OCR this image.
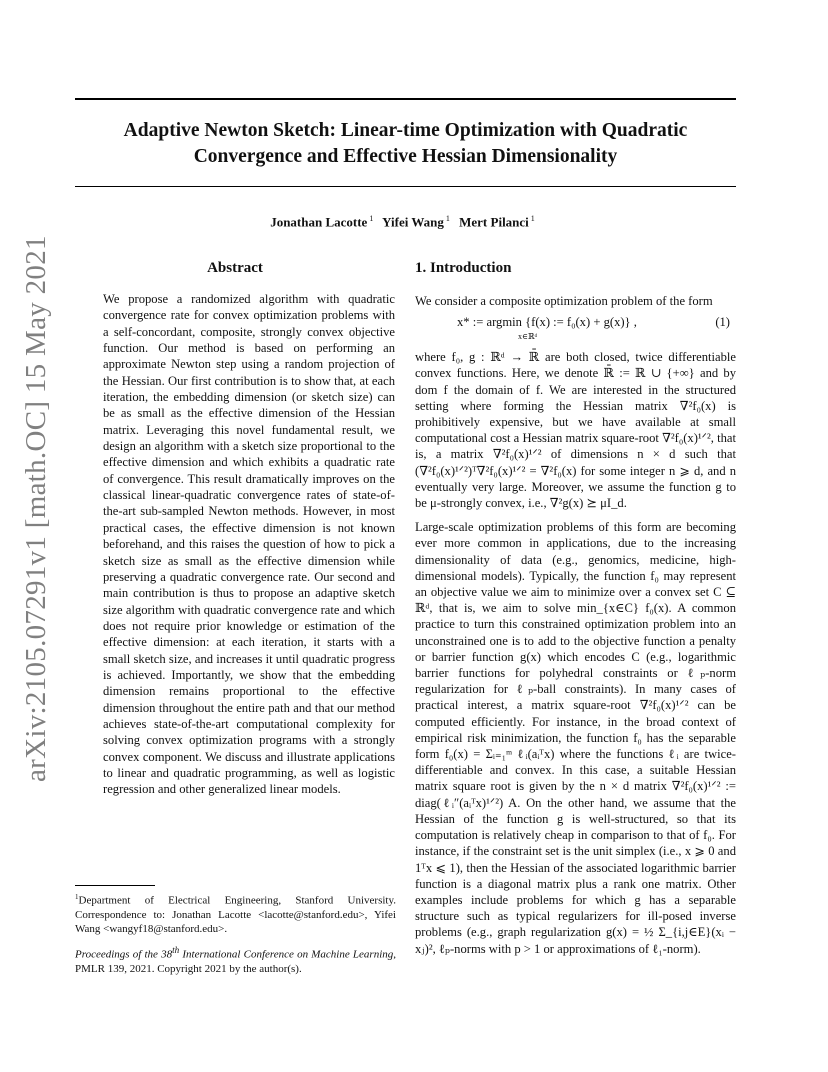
Adaptive Newton Sketch: Linear-time Optimization with Quadratic Convergence and Effective Hessian Dimensionality
Jonathan Lacotte $^1$ Yifei Wang $^1$ Mert Pilanci $^1$
arXiv:2105.07291v1 [math.OC] 15 May 2021	Abstract

We propose a randomized algorithm with quadratic convergence rate for convex optimization problems with a self-concordant, composite, strongly convex objective function. Our method is based on performing an approximate Newton step using a random projection of the Hessian. Our first contribution is to show that, at each iteration, the embedding dimension (or sketch size) can be as small as the effective dimension of the Hessian matrix. Leveraging this novel fundamental result, we design an algorithm with a sketch size proportional to the effective dimension and which exhibits a quadratic rate of convergence. This result dramatically improves on the classical linear-quadratic convergence rates of state-of-the-art sub-sampled Newton methods. However, in most practical cases, the effective dimension is not known beforehand, and this raises the question of how to pick a sketch size as small as the effective dimension while preserving a quadratic convergence rate. Our second and main contribution is thus to propose an adaptive sketch size algorithm with quadratic convergence rate and which does not require prior knowledge or estimation of the effective dimension: at each iteration, it starts with a small sketch size, and increases it until quadratic progress is achieved. Importantly, we show that the embedding dimension remains proportional to the effective dimension throughout the entire path and that our method achieves state-of-the-art computational complexity for solving convex optimization programs with a strongly convex component. We discuss and illustrate applications to linear and quadratic programming, as well as logistic regression and other generalized linear models.

$^1$Department of Electrical Engineering, Stanford University. Correspondence to: Jonathan Lacotte <lacotte@stanford.edu>, Yifei Wang <wangyf18@stanford.edu>.
Proceedings of the 38th International Conference on Machine Learning, PMLR 139, 2021. Copyright 2021 by the author(s).
1. Introduction

We consider a composite optimization problem of the form

x* := argmin {f(x) := f₀(x) + g(x)} ,
x∈ℝᵈ
(1)

where f₀, g : ℝᵈ → ℝ̄ are both closed, twice differentiable convex functions. Here, we denote ℝ̄ := ℝ ∪ {+∞} and by dom f the domain of f. We are interested in the structured setting where forming the Hessian matrix ∇²f₀(x) is prohibitively expensive, but we have available at small computational cost a Hessian matrix square-root ∇²f₀(x)¹ᐟ², that is, a matrix ∇²f₀(x)¹ᐟ² of dimensions n × d such that (∇²f₀(x)¹ᐟ²)ᵀ∇²f₀(x)¹ᐟ² = ∇²f₀(x) for some integer n ⩾ d, and n eventually very large. Moreover, we assume the function g to be μ-strongly convex, i.e., ∇²g(x) ⪰ μI_d.

Large-scale optimization problems of this form are becoming ever more common in applications, due to the increasing dimensionality of data (e.g., genomics, medicine, high-dimensional models). Typically, the function f₀ may represent an objective value we aim to minimize over a convex set C ⊆ ℝᵈ, that is, we aim to solve min_{x∈C} f₀(x). A common practice to turn this constrained optimization problem into an unconstrained one is to add to the objective function a penalty or barrier function g(x) which encodes C (e.g., logarithmic barrier functions for polyhedral constraints or ℓₚ-norm regularization for ℓₚ-ball constraints). In many cases of practical interest, a matrix square-root ∇²f₀(x)¹ᐟ² can be computed efficiently. For instance, in the broad context of empirical risk minimization, the function f₀ has the separable form f₀(x) = Σᵢ₌₁ᵐ ℓᵢ(aᵢᵀx) where the functions ℓᵢ are twice-differentiable and convex. In this case, a suitable Hessian matrix square root is given by the n × d matrix ∇²f₀(x)¹ᐟ² := diag(ℓᵢ″(aᵢᵀx)¹ᐟ²) A. On the other hand, we assume that the Hessian of the function g is well-structured, so that its computation is relatively cheap in comparison to that of f₀. For instance, if the constraint set is the unit simplex (i.e., x ⩾ 0 and 1ᵀx ⩽ 1), then the Hessian of the associated logarithmic barrier function is a diagonal matrix plus a rank one matrix. Other examples include problems for which g has a separable structure such as typical regularizers for ill-posed inverse problems (e.g., graph regularization g(x) = ½ Σ_{i,j∈E}(xᵢ − xⱼ)², ℓₚ-norms with p > 1 or approximations of ℓ₁-norm).
